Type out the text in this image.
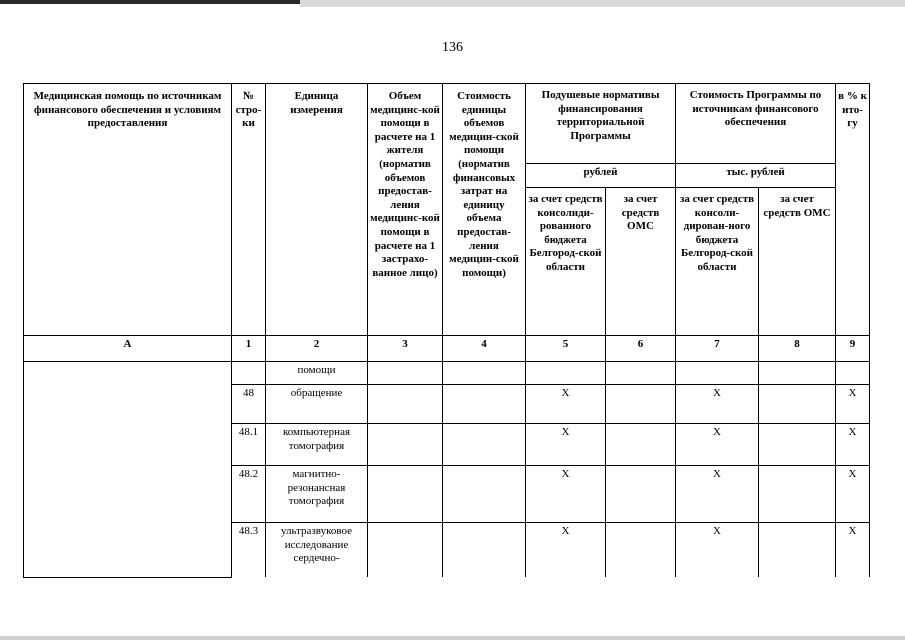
136
Медицинская помощь по источникам финансового обеспечения и условиям предоставления	№ стро-ки	Единица измерения	Объем медицинс-кой помощи в расчете на 1 жителя (норматив объемов предостав-ления медицинс-кой помощи в расчете на 1 застрахо-ванное лицо)	Стоимость единицы объемов медицин-ской помощи (норматив финансовых затрат на единицу объема предостав-ления медицин-ской помощи)	Подушевые нормативы финансирования территориальной Программы		Стоимость Программы по источникам финансового обеспечения		в % к ито-гу
					рублей		тыс. рублей		
					за счет средств консолиди-рованного бюджета Белгород-ской области	за счет средств ОМС	за счет средств консоли-дирован-ного бюджета Белгород-ской области	за счет средств ОМС	
А	1	2	3	4	5	6	7	8	9
		помощи							
	48	обращение			Х		Х		Х
	48.1	компьютерная томография			Х		Х		Х
	48.2	магнитно-резонансная томография			Х		Х		Х
	48.3	ультразвуковое исследование сердечно-			Х		Х		Х
